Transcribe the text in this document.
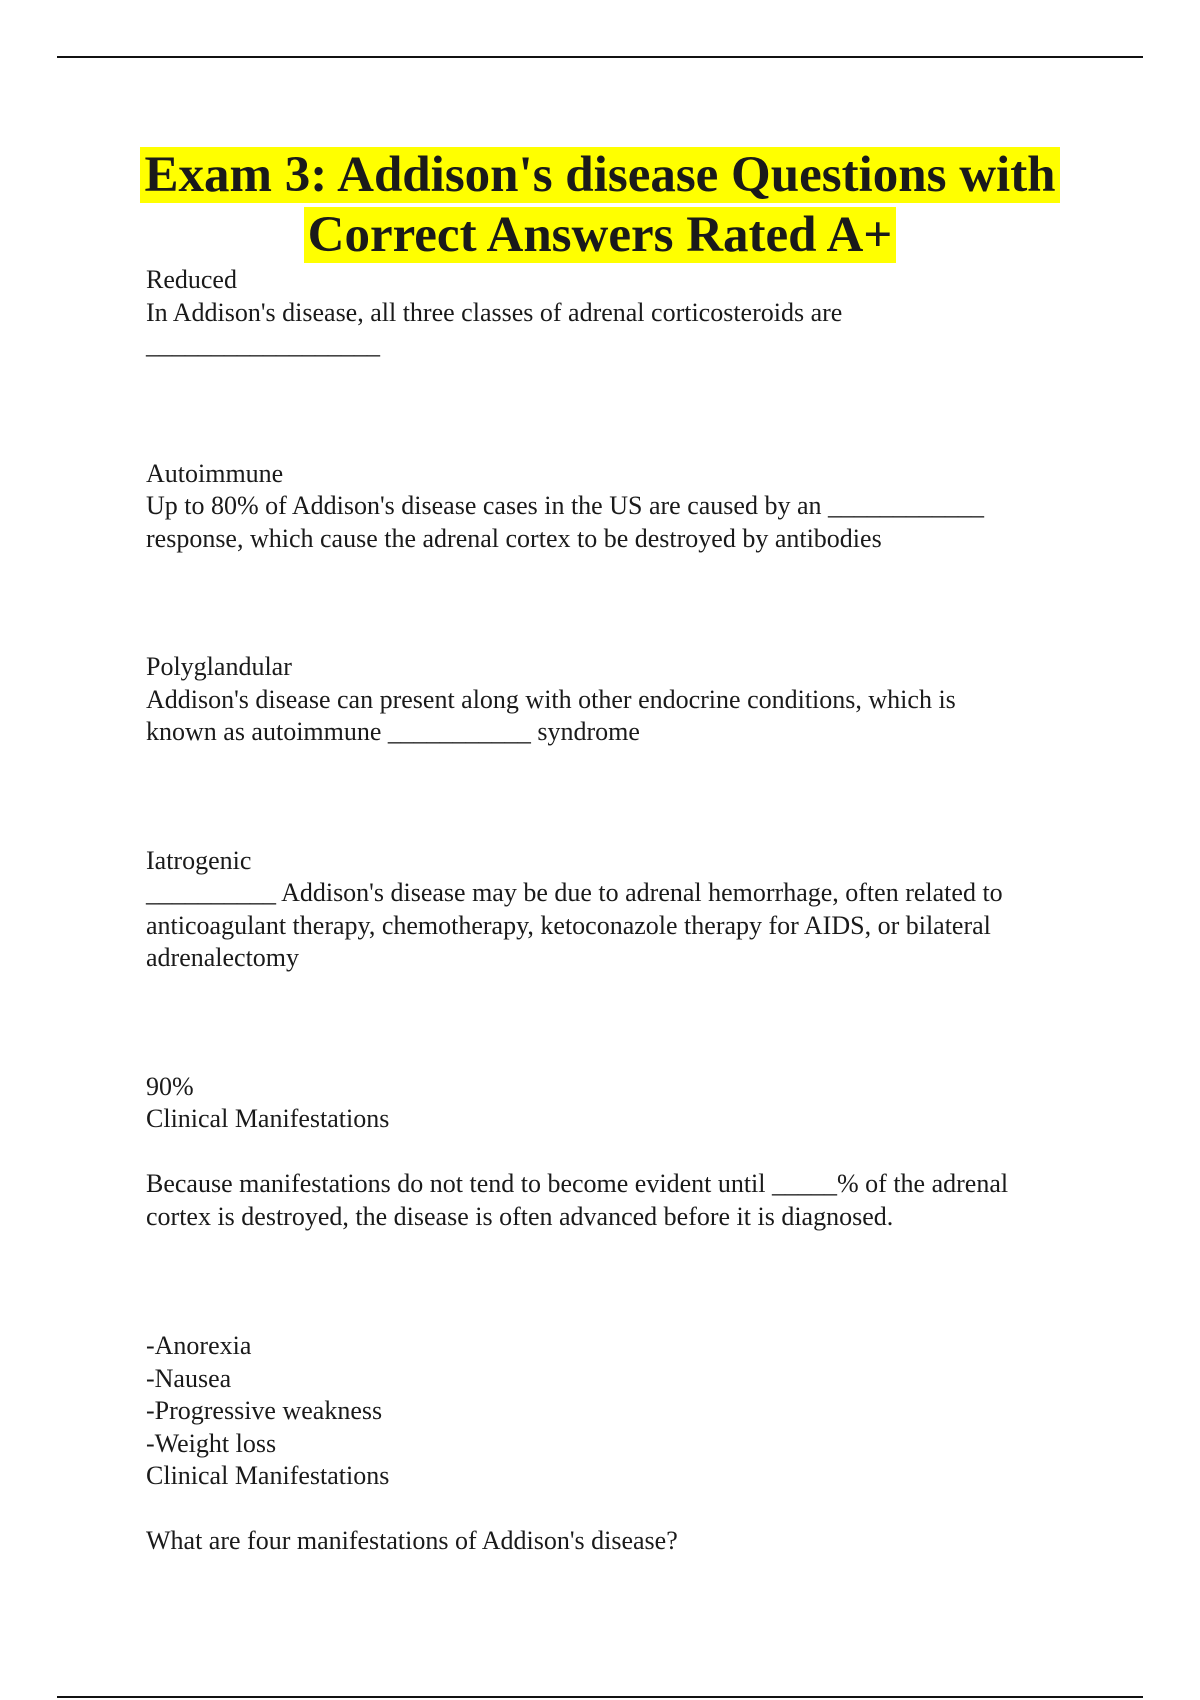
Exam 3: Addison's disease Questions with
Correct Answers Rated A+
Reduced
In Addison's disease, all three classes of adrenal corticosteroids are
__________________
Autoimmune
Up to 80% of Addison's disease cases in the US are caused by an ____________
response, which cause the adrenal cortex to be destroyed by antibodies
Polyglandular
Addison's disease can present along with other endocrine conditions, which is
known as autoimmune ___________ syndrome
Iatrogenic
__________ Addison's disease may be due to adrenal hemorrhage, often related to
anticoagulant therapy, chemotherapy, ketoconazole therapy for AIDS, or bilateral
adrenalectomy
90%
Clinical Manifestations
Because manifestations do not tend to become evident until _____% of the adrenal
cortex is destroyed, the disease is often advanced before it is diagnosed.
-Anorexia
-Nausea
-Progressive weakness
-Weight loss
Clinical Manifestations
What are four manifestations of Addison's disease?
